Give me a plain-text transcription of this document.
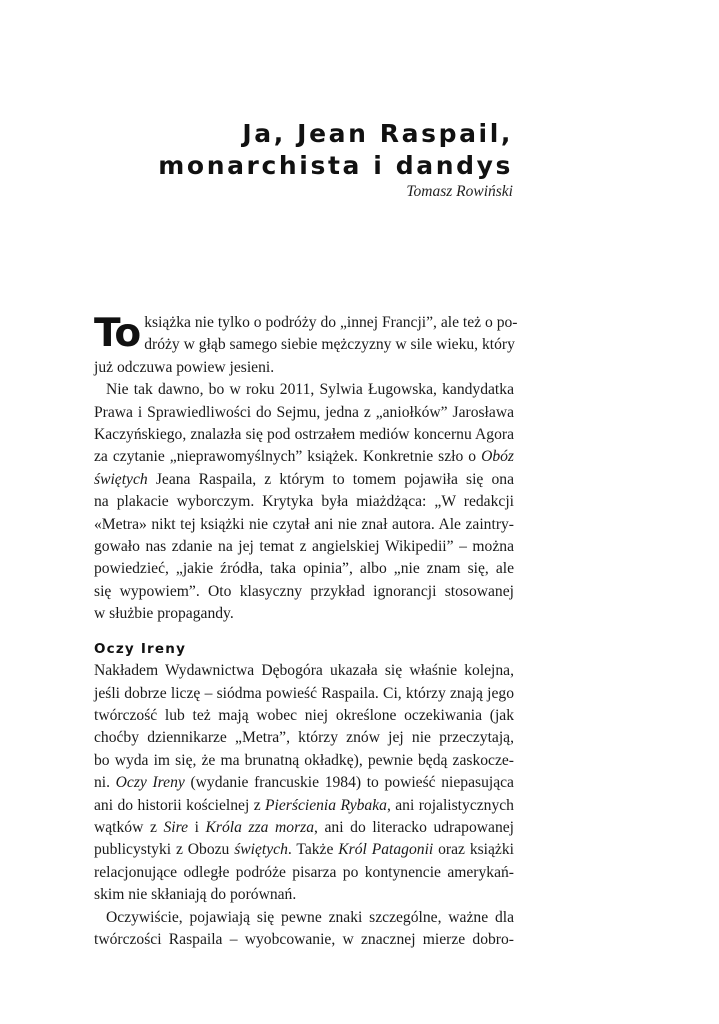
Ja, Jean Raspail,
monarchista i dandys
Tomasz Rowiński

To książka nie tylko o podróży do „innej Francji”, ale też o po-
dróży w głąb samego siebie mężczyzny w sile wieku, który
już odczuwa powiew jesieni.

Nie tak dawno, bo w roku 2011, Sylwia Ługowska, kandydatka
Prawa i Sprawiedliwości do Sejmu, jedna z „aniołków” Jarosława
Kaczyńskiego, znalazła się pod ostrzałem mediów koncernu Agora
za czytanie „nieprawomyślnych” książek. Konkretnie szło o Obóz
świętych Jeana Raspaila, z którym to tomem pojawiła się ona
na plakacie wyborczym. Krytyka była miażdżąca: „W redakcji
«Metra» nikt tej książki nie czytał ani nie znał autora. Ale zaintry-
gowało nas zdanie na jej temat z angielskiej Wikipedii” – można
powiedzieć, „jakie źródła, taka opinia”, albo „nie znam się, ale
się wypowiem”. Oto klasyczny przykład ignorancji stosowanej
w służbie propagandy.

Oczy Ireny

Nakładem Wydawnictwa Dębogóra ukazała się właśnie kolejna,
jeśli dobrze liczę – siódma powieść Raspaila. Ci, którzy znają jego
twórczość lub też mają wobec niej określone oczekiwania (jak
choćby dziennikarze „Metra”, którzy znów jej nie przeczytają,
bo wyda im się, że ma brunatną okładkę), pewnie będą zaskocze-
ni. Oczy Ireny (wydanie francuskie 1984) to powieść niepasująca
ani do historii kościelnej z Pierścienia Rybaka, ani rojalistycznych
wątków z Sire i Króla zza morza, ani do literacko udrapowanej
publicystyki z Obozu świętych. Także Król Patagonii oraz książki
relacjonujące odległe podróże pisarza po kontynencie amerykań-
skim nie skłaniają do porównań.

Oczywiście, pojawiają się pewne znaki szczególne, ważne dla
twórczości Raspaila – wyobcowanie, w znacznej mierze dobro-
